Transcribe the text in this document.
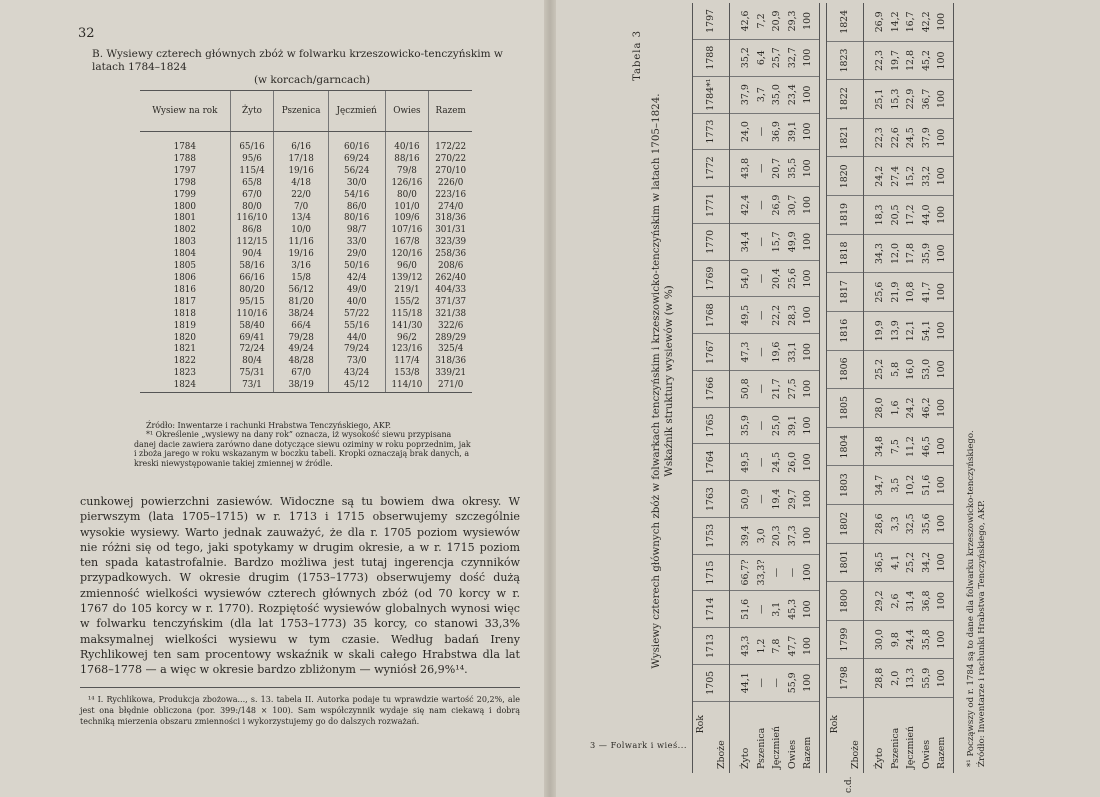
32
B. Wysiewy czterech głównych zbóż w folwarku krzeszowicko-tenczyńskim w latach 1784–1824
(w korcach/garncach)
Wysiew na rok	Żyto	Pszenica	Jęczmień	Owies	Razem
1784	65/16	6/16	60/16	40/16	172/22
1788	95/6	17/18	69/24	88/16	270/22
1797	115/4	19/16	56/24	79/8	270/10
1798	65/8	4/18	30/0	126/16	226/0
1799	67/0	22/0	54/16	80/0	223/16
1800	80/0	7/0	86/0	101/0	274/0
1801	116/10	13/4	80/16	109/6	318/36
1802	86/8	10/0	98/7	107/16	301/31
1803	112/15	11/16	33/0	167/8	323/39
1804	90/4	19/16	29/0	120/16	258/36
1805	58/16	3/16	50/16	96/0	208/6
1806	66/16	15/8	42/4	139/12	262/40
1816	80/20	56/12	49/0	219/1	404/33
1817	95/15	81/20	40/0	155/2	371/37
1818	110/16	38/24	57/22	115/18	321/38
1819	58/40	66/4	55/16	141/30	322/6
1820	69/41	79/28	44/0	96/2	289/29
1821	72/24	49/24	79/24	123/16	325/4
1822	80/4	48/28	73/0	117/4	318/36
1823	75/31	67/0	43/24	153/8	339/21
1824	73/1	38/19	45/12	114/10	271/0

Źródło: Inwentarze i rachunki Hrabstwa Tenczyńskiego, AKP.

*¹ Określenie „wysiewy na dany rok” oznacza, iż wysokość siewu przypisana danej dacie zawiera zarówno dane dotyczące siewu oziminy w roku poprzednim, jak i zboża jarego w roku wskazanym w boczku tabeli. Kropki oznaczają brak danych, a kreski niewystępowanie takiej zmiennej w źródle.

cunkowej powierzchni zasiewów. Widoczne są tu bowiem dwa okresy. W pierwszym (lata 1705–1715) w r. 1713 i 1715 obserwujemy szczególnie wysokie wysiewy. Warto jednak zauważyć, że dla r. 1705 poziom wysiewów nie różni się od tego, jaki spotykamy w drugim okresie, a w r. 1715 poziom ten spada katastrofalnie. Bardzo możliwa jest tutaj ingerencja czynników przypadkowych. W okresie drugim (1753–1773) obserwujemy dość dużą zmienność wielkości wysiewów czterech głównych zbóż (od 70 korcy w r. 1767 do 105 korcy w r. 1770). Rozpiętość wysiewów globalnych wynosi więc w folwarku tenczyńskim (dla lat 1753–1773) 35 korcy, co stanowi 33,3% maksymalnej wielkości wysiewu w tym czasie. Według badań Ireny Rychlikowej ten sam procentowy wskaźnik w skali całego Hrabstwa dla lat 1768–1778 — a więc w okresie bardzo zbliżonym — wyniósł 26,9%¹⁴.

¹⁴ I. Rychlikowa, Produkcja zbożowa..., s. 13. tabela II. Autorka podaje tu wprawdzie wartość 20,2%, ale jest ona błędnie obliczona (por. 399:/148 × 100). Sam współczynnik wydaje się nam ciekawą i dobrą techniką mierzenia obszaru zmienności i wykorzystujemy go do dalszych rozważań.

Tabela 3

Wysiewy czterech głównych zbóż w folwarkach tenczyńskim i krzeszowicko-tenczyńskim w latach 1705–1824. Wskaźnik struktury wysiewów (w %)

Rok
Zboże	1705	1713	1714	1715	1753	1763	1764	1765	1766	1767	1768	1769	1770	1771	1772	1773	1784*¹	1788	1797
Żyto	44,1	43,3	51,6	66,7?	39,4	50,9	49,5	35,9	50,8	47,3	49,5	54,0	34,4	42,4	43,8	24,0	37,9	35,2	42,6
Pszenica	—	1,2	—	33,3?	3,0	—	—	—	—	—	—	—	—	—	—	—	3,7	6,4	7,2
Jęczmień	—	7,8	3,1	—	20,3	19,4	24,5	25,0	21,7	19,6	22,2	20,4	15,7	26,9	20,7	36,9	35,0	25,7	20,9
Owies	55,9	47,7	45,3	—	37,3	29,7	26,0	39,1	27,5	33,1	28,3	25,6	49,9	30,7	35,5	39,1	23,4	32,7	29,3
Razem	100	100	100	100	100	100	100	100	100	100	100	100	100	100	100	100	100	100	100
c.d.
Rok
Zboże	1798	1799	1800	1801	1802	1803	1804	1805	1806	1816	1817	1818	1819	1820	1821	1822	1823	1824
Żyto	28,8	30,0	29,2	36,5	28,6	34,7	34,8	28,0	25,2	19,9	25,6	34,3	18,3	24,2	22,3	25,1	22,3	26,9
Pszenica	2,0	9,8	2,6	4,1	3,3	3,5	7,5	1,6	5,8	13,9	21,9	12,0	20,5	27,4	22,6	15,3	19,7	14,2
Jęczmień	13,3	24,4	31,4	25,2	32,5	10,2	11,2	24,2	16,0	12,1	10,8	17,8	17,2	15,2	24,5	22,9	12,8	16,7
Owies	55,9	35,8	36,8	34,2	35,6	51,6	46,5	46,2	53,0	54,1	41,7	35,9	44,0	33,2	37,9	36,7	45,2	42,2
Razem	100	100	100	100	100	100	100	100	100	100	100	100	100	100	100	100	100	100

*¹ Począwszy od r. 1784 są to dane dla folwarku krzeszowicko-tenczyńskiego. Źródło: Inwentarze i rachunki Hrabstwa Tenczyńskiego, AKP.

3 — Folwark i wieś...
